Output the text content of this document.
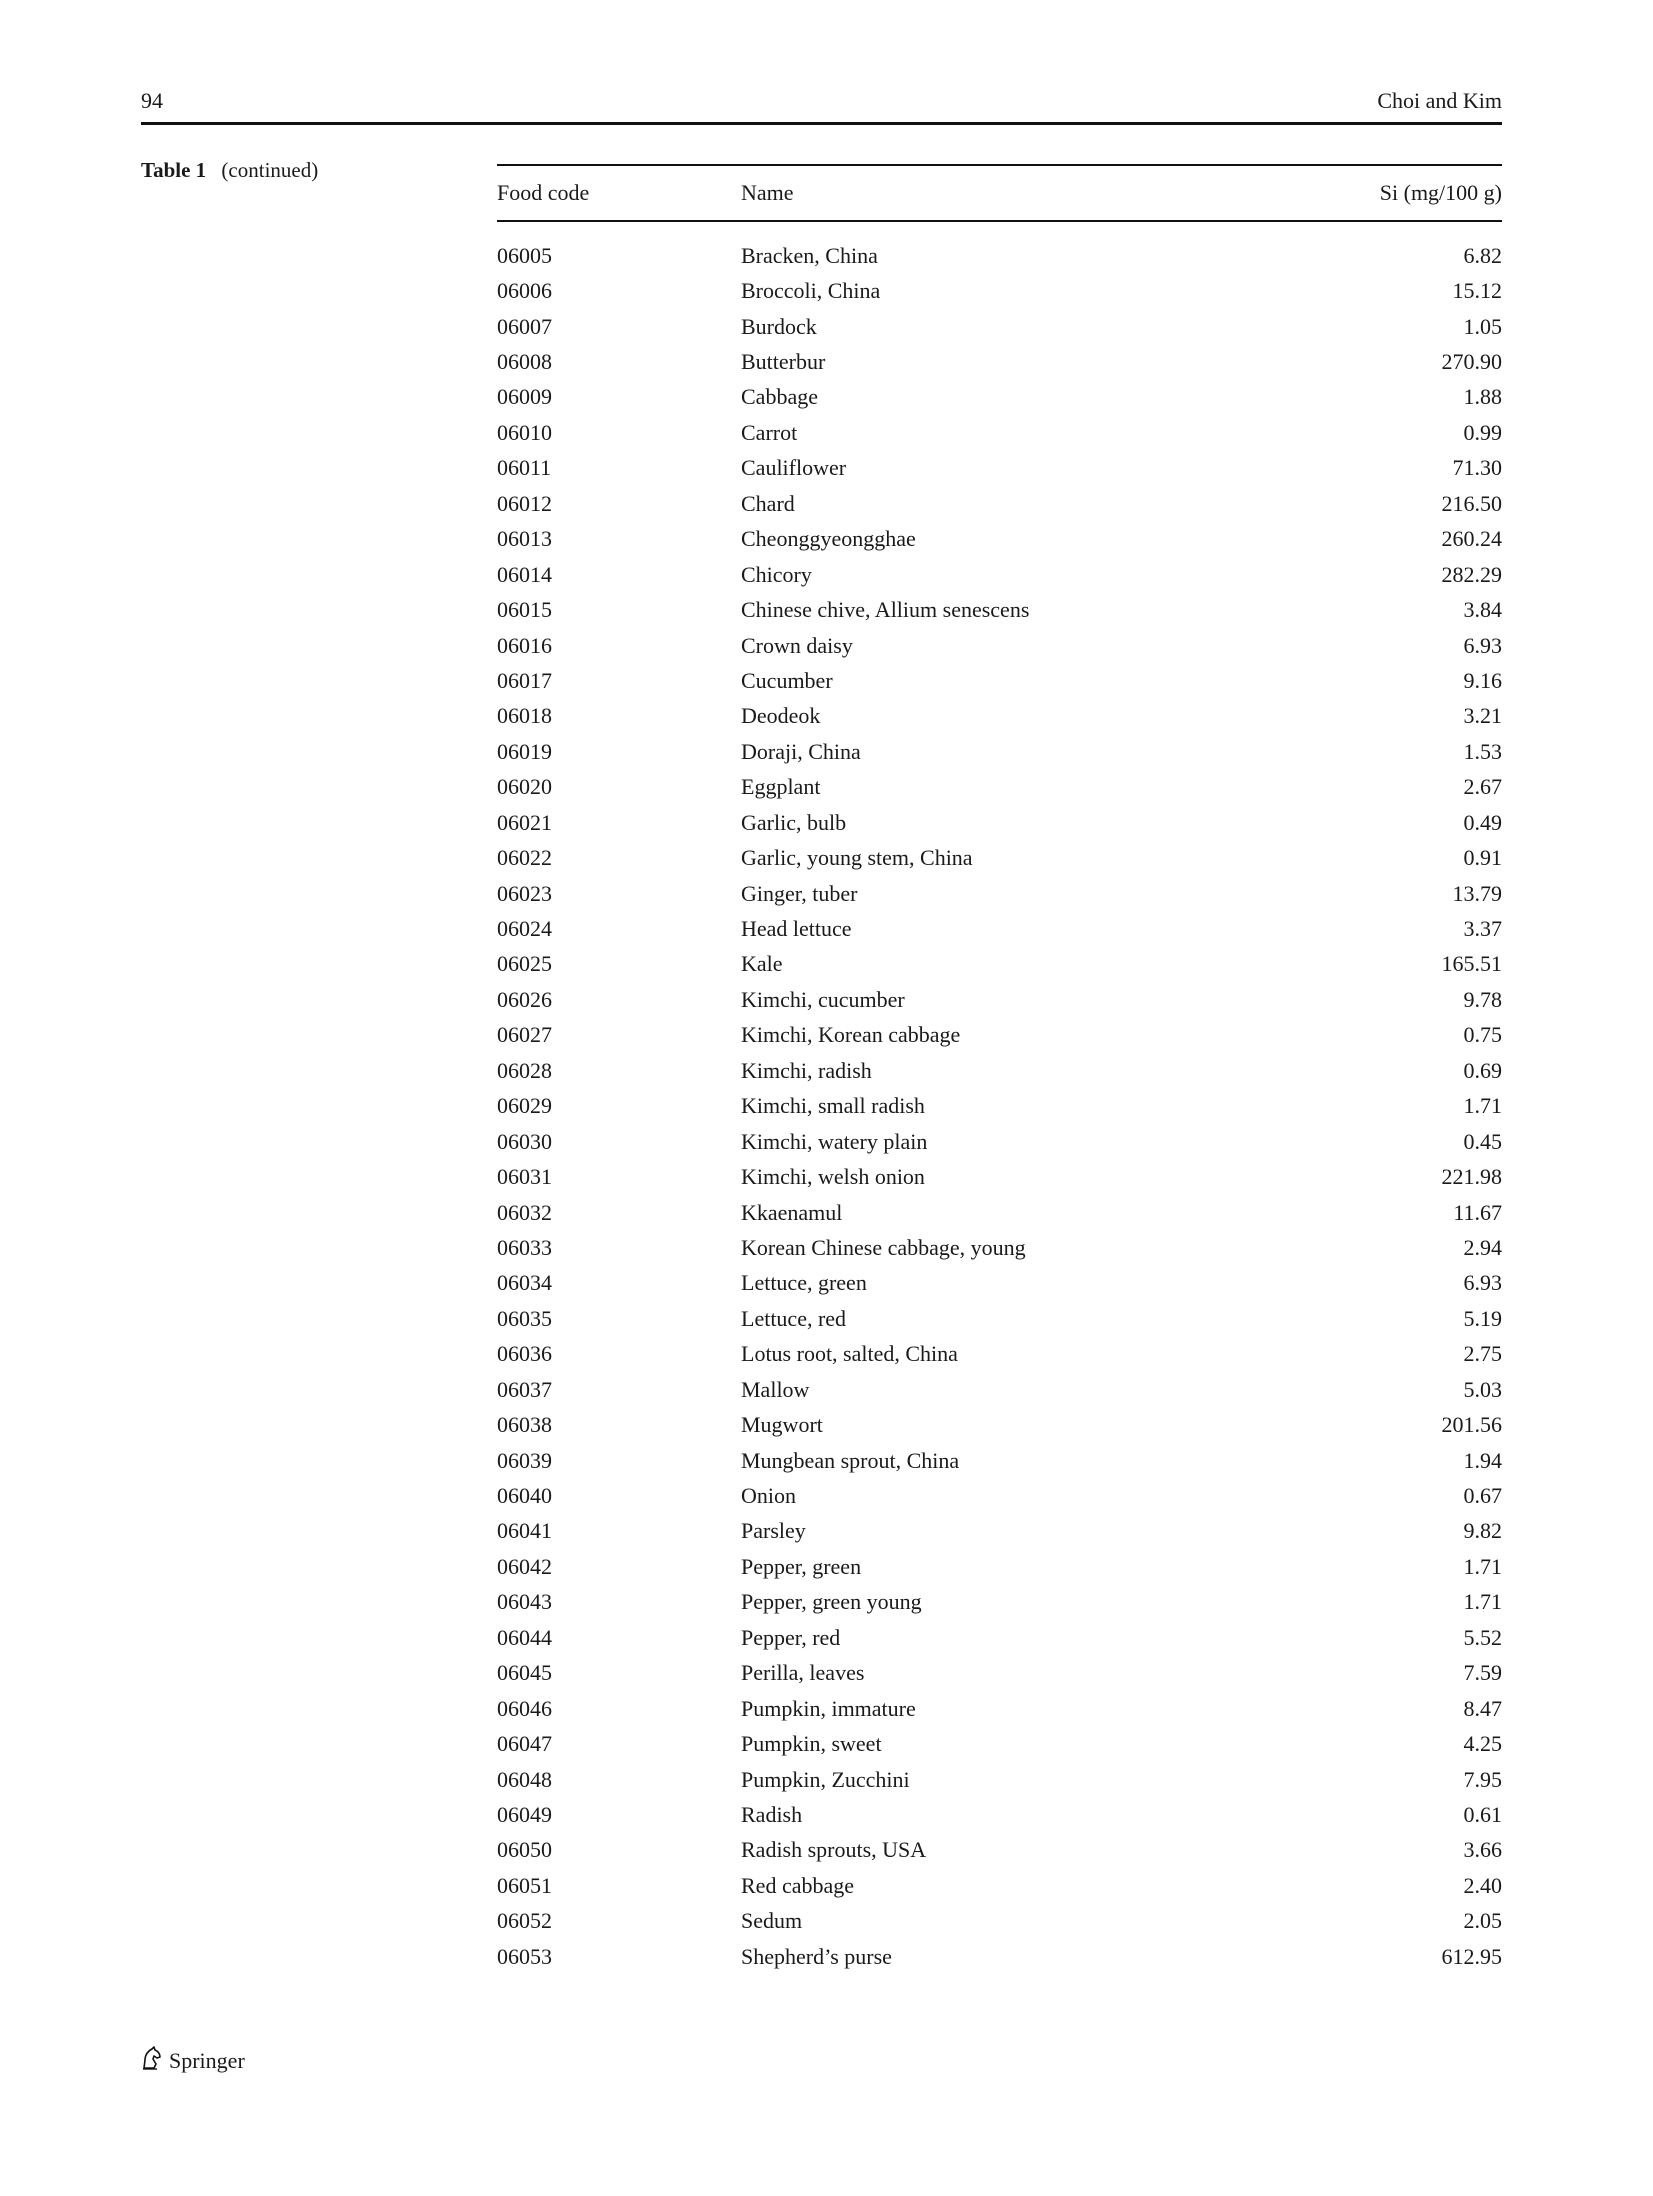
94	Choi and Kim
Table 1 (continued)
Food code	Name	Si (mg/100 g)

06005	Bracken, China	6.82
06006	Broccoli, China	15.12
06007	Burdock	1.05
06008	Butterbur	270.90
06009	Cabbage	1.88
06010	Carrot	0.99
06011	Cauliflower	71.30
06012	Chard	216.50
06013	Cheonggyeongghae	260.24
06014	Chicory	282.29
06015	Chinese chive, Allium senescens	3.84
06016	Crown daisy	6.93
06017	Cucumber	9.16
06018	Deodeok	3.21
06019	Doraji, China	1.53
06020	Eggplant	2.67
06021	Garlic, bulb	0.49
06022	Garlic, young stem, China	0.91
06023	Ginger, tuber	13.79
06024	Head lettuce	3.37
06025	Kale	165.51
06026	Kimchi, cucumber	9.78
06027	Kimchi, Korean cabbage	0.75
06028	Kimchi, radish	0.69
06029	Kimchi, small radish	1.71
06030	Kimchi, watery plain	0.45
06031	Kimchi, welsh onion	221.98
06032	Kkaenamul	11.67
06033	Korean Chinese cabbage, young	2.94
06034	Lettuce, green	6.93
06035	Lettuce, red	5.19
06036	Lotus root, salted, China	2.75
06037	Mallow	5.03
06038	Mugwort	201.56
06039	Mungbean sprout, China	1.94
06040	Onion	0.67
06041	Parsley	9.82
06042	Pepper, green	1.71
06043	Pepper, green young	1.71
06044	Pepper, red	5.52
06045	Perilla, leaves	7.59
06046	Pumpkin, immature	8.47
06047	Pumpkin, sweet	4.25
06048	Pumpkin, Zucchini	7.95
06049	Radish	0.61
06050	Radish sprouts, USA	3.66
06051	Red cabbage	2.40
06052	Sedum	2.05
06053	Shepherd’s purse	612.95
Springer
